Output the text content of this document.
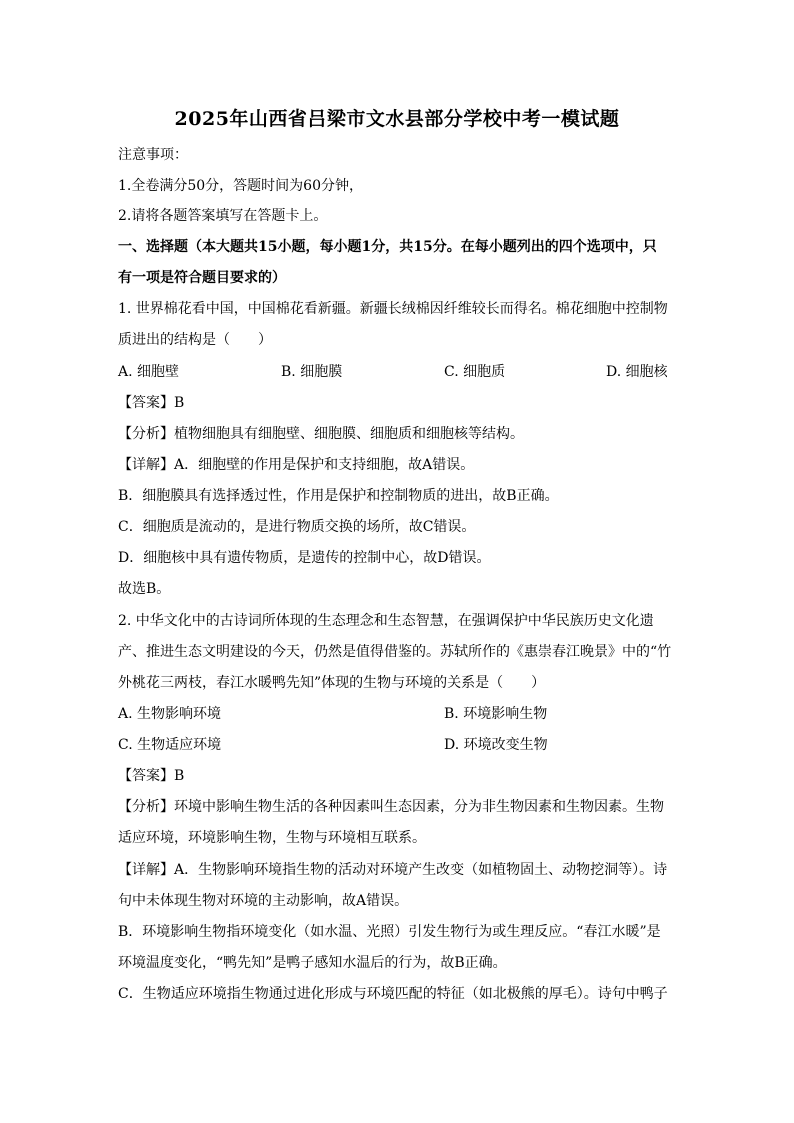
2025年山西省吕梁市文水县部分学校中考一模试题
注意事项：
1.全卷满分50分，答题时间为60分钟，
2.请将各题答案填写在答题卡上。
一、选择题（本大题共15小题，每小题1分，共15分。在每小题列出的四个选项中，只
有一项是符合题目要求的）
1. 世界棉花看中国，中国棉花看新疆。新疆长绒棉因纤维较长而得名。棉花细胞中控制物
质进出的结构是（　　）
A. 细胞壁	B. 细胞膜	C. 细胞质	D. 细胞核
【答案】B
【分析】植物细胞具有细胞壁、细胞膜、细胞质和细胞核等结构。
【详解】A．细胞壁的作用是保护和支持细胞，故A错误。
B．细胞膜具有选择透过性，作用是保护和控制物质的进出，故B正确。
C．细胞质是流动的，是进行物质交换的场所，故C错误。
D．细胞核中具有遗传物质，是遗传的控制中心，故D错误。
故选B。
2. 中华文化中的古诗词所体现的生态理念和生态智慧，在强调保护中华民族历史文化遗
产、推进生态文明建设的今天，仍然是值得借鉴的。苏轼所作的《惠崇春江晚景》中的“竹
外桃花三两枝，春江水暖鸭先知”体现的生物与环境的关系是（　　）
A. 生物影响环境	B. 环境影响生物
C. 生物适应环境	D. 环境改变生物
【答案】B
【分析】环境中影响生物生活的各种因素叫生态因素，分为非生物因素和生物因素。生物
适应环境，环境影响生物，生物与环境相互联系。
【详解】A．生物影响环境指生物的活动对环境产生改变（如植物固土、动物挖洞等）。诗
句中未体现生物对环境的主动影响，故A错误。
B．环境影响生物指环境变化（如水温、光照）引发生物行为或生理反应。“春江水暖”是
环境温度变化，“鸭先知”是鸭子感知水温后的行为，故B正确。
C．生物适应环境指生物通过进化形成与环境匹配的特征（如北极熊的厚毛）。诗句中鸭子
